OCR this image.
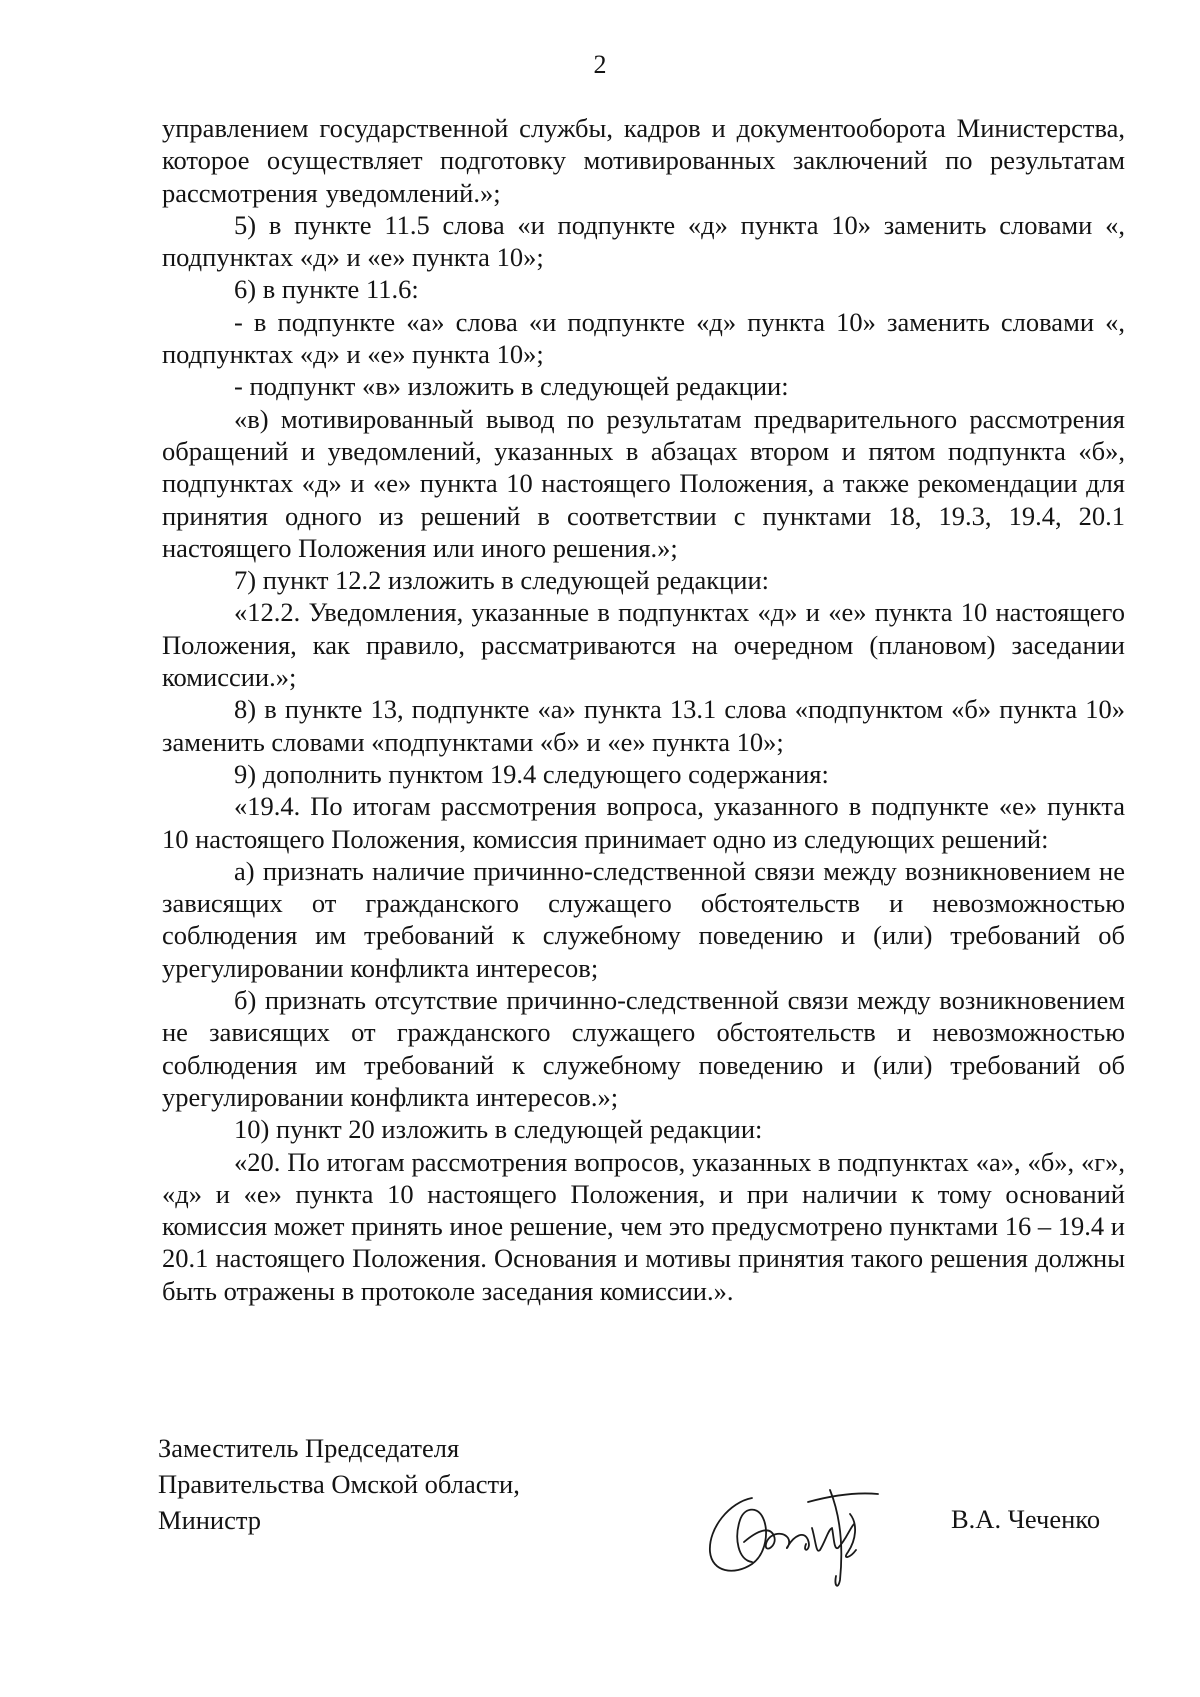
2

управлением государственной службы, кадров и документооборота Министерства, которое осуществляет подготовку мотивированных заключений по результатам рассмотрения уведомлений.»;

5) в пункте 11.5 слова «и подпункте «д» пункта 10» заменить словами «, подпунктах «д» и «е» пункта 10»;

6) в пункте 11.6:

- в подпункте «а» слова «и подпункте «д» пункта 10» заменить словами «, подпунктах «д» и «е» пункта 10»;

- подпункт «в» изложить в следующей редакции:

«в) мотивированный вывод по результатам предварительного рассмотрения обращений и уведомлений, указанных в абзацах втором и пятом подпункта «б», подпунктах «д» и «е» пункта 10 настоящего Положения, а также рекомендации для принятия одного из решений в соответствии с пунктами 18, 19.3, 19.4, 20.1 настоящего Положения или иного решения.»;

7) пункт 12.2 изложить в следующей редакции:

«12.2. Уведомления, указанные в подпунктах «д» и «е» пункта 10 настоящего Положения, как правило, рассматриваются на очередном (плановом) заседании комиссии.»;

8) в пункте 13, подпункте «а» пункта 13.1 слова «подпунктом «б» пункта 10» заменить словами «подпунктами «б» и «е» пункта 10»;

9) дополнить пунктом 19.4 следующего содержания:

«19.4. По итогам рассмотрения вопроса, указанного в подпункте «е» пункта 10 настоящего Положения, комиссия принимает одно из следующих решений:

а) признать наличие причинно-следственной связи между возникновением не зависящих от гражданского служащего обстоятельств и невозможностью соблюдения им требований к служебному поведению и (или) требований об урегулировании конфликта интересов;

б) признать отсутствие причинно-следственной связи между возникновением не зависящих от гражданского служащего обстоятельств и невозможностью соблюдения им требований к служебному поведению и (или) требований об урегулировании конфликта интересов.»;

10) пункт 20 изложить в следующей редакции:

«20. По итогам рассмотрения вопросов, указанных в подпунктах «а», «б», «г», «д» и «е» пункта 10 настоящего Положения, и при наличии к тому оснований комиссия может принять иное решение, чем это предусмотрено пунктами 16 – 19.4 и 20.1 настоящего Положения. Основания и мотивы принятия такого решения должны быть отражены в протоколе заседания комиссии.».

Заместитель Председателя
Правительства Омской области,
Министр	В.А. Чеченко
